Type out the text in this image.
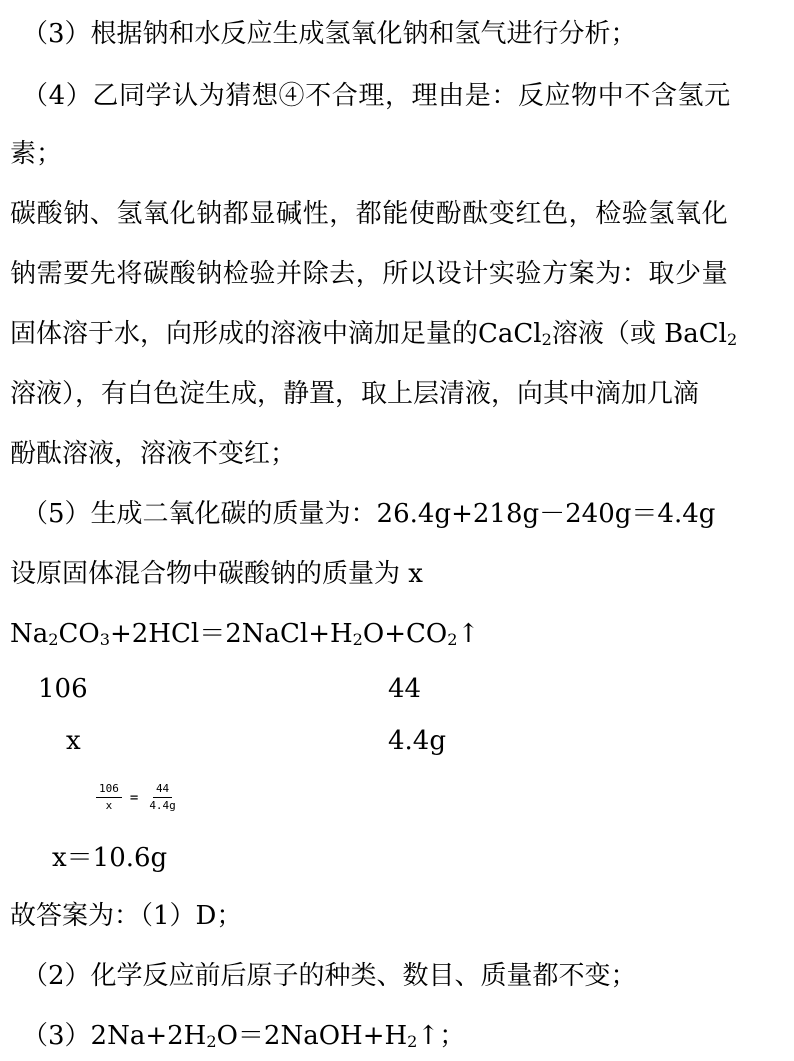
（3）根据钠和水反应生成氢氧化钠和氢气进行分析；
（4）乙同学认为猜想④不合理，理由是：反应物中不含氢元
素；
碳酸钠、氢氧化钠都显碱性，都能使酚酞变红色，检验氢氧化
钠需要先将碳酸钠检验并除去，所以设计实验方案为：取少量
固体溶于水，向形成的溶液中滴加足量的CaCl$_2$溶液（或 BaCl$_2$
溶液），有白色淀生成，静置，取上层清液，向其中滴加几滴
酚酞溶液，溶液不变红；
（5）生成二氧化碳的质量为：26.4g+218g－240g＝4.4g
设原固体混合物中碳酸钠的质量为 x
$Na_2CO_3+2HCl=2NaCl+H_2O+CO_2↑$
106	44
x	4.4g
$\frac{106}{x} = \frac{44}{4.4g}$
x＝10.6g
故答案为：（1）D；
（2）化学反应前后原子的种类、数目、质量都不变；
$(3)2Na+2H_2O=2NaOH+H_2↑$；
